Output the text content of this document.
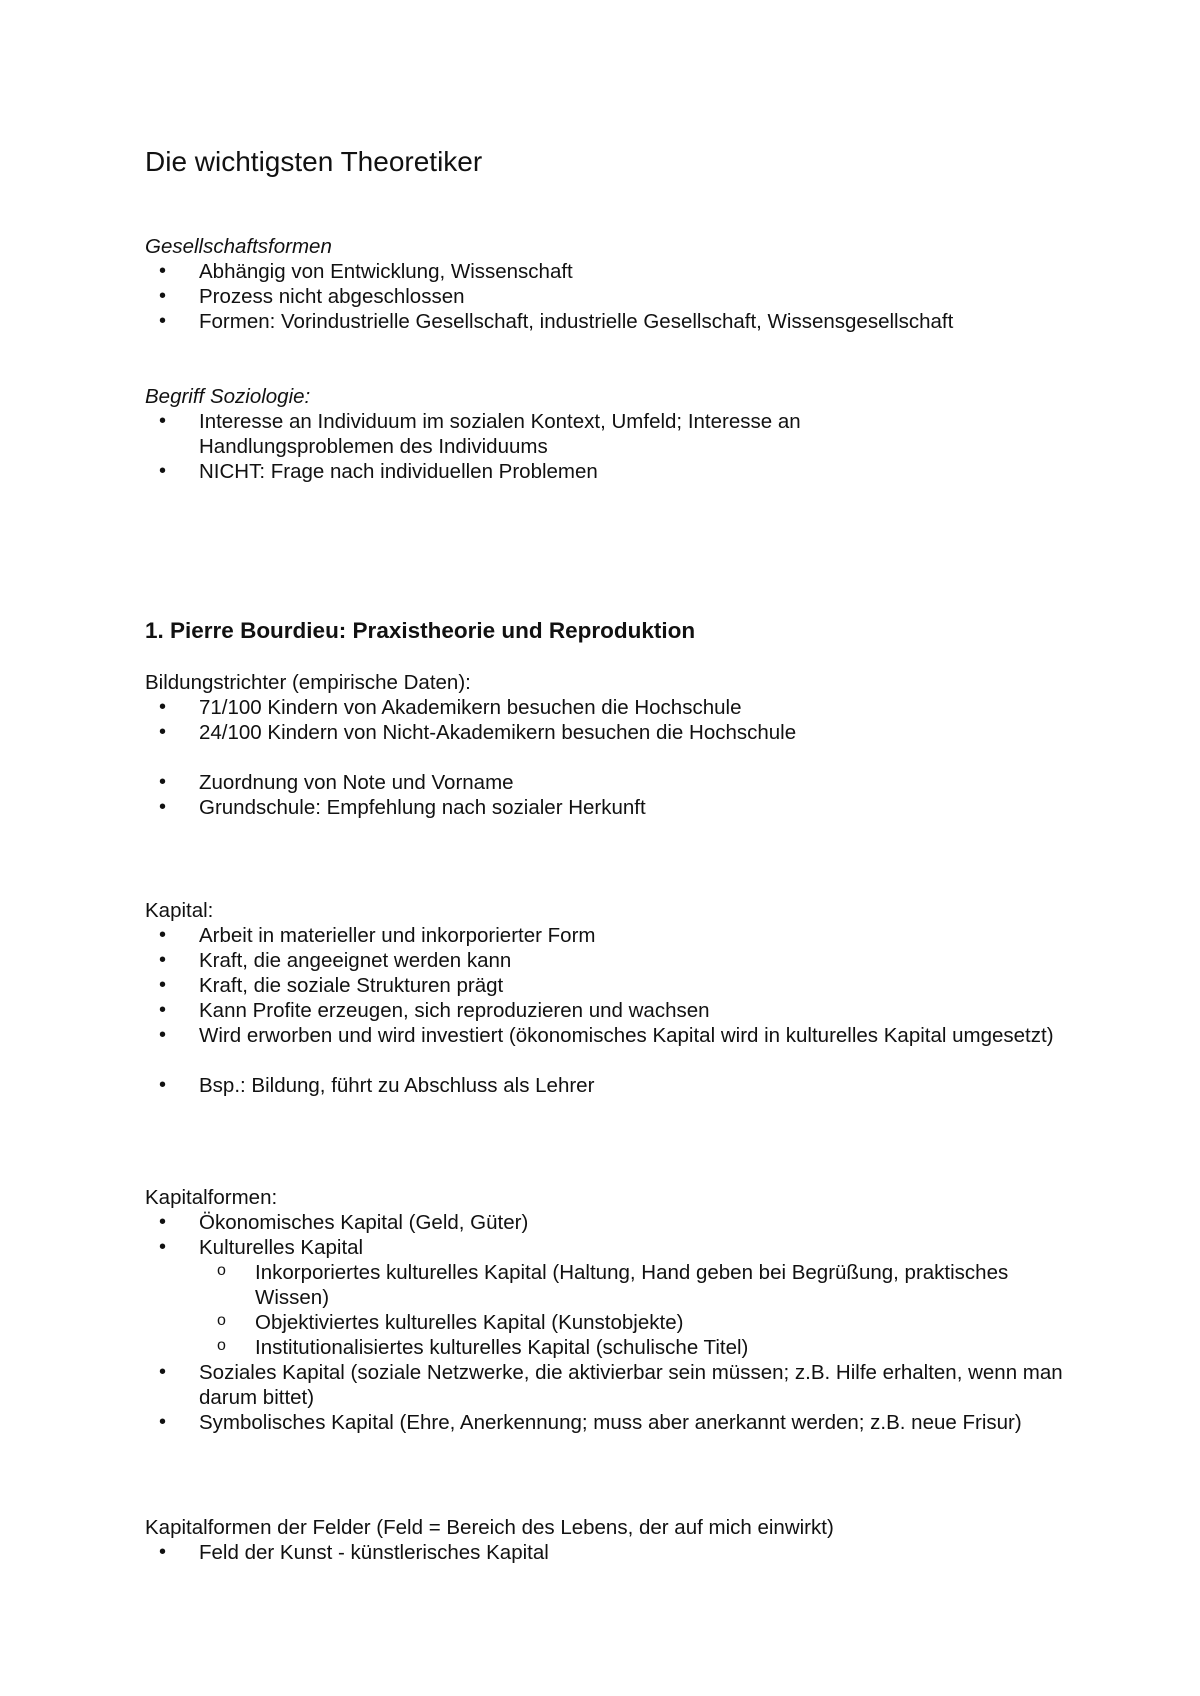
Die wichtigsten Theoretiker
Gesellschaftsformen
• Abhängig von Entwicklung, Wissenschaft
• Prozess nicht abgeschlossen
• Formen: Vorindustrielle Gesellschaft, industrielle Gesellschaft, Wissensgesellschaft
Begriff Soziologie:
• Interesse an Individuum im sozialen Kontext, Umfeld; Interesse an Handlungsproblemen des Individuums
• NICHT: Frage nach individuellen Problemen
1. Pierre Bourdieu: Praxistheorie und Reproduktion
Bildungstrichter (empirische Daten):
• 71/100 Kindern von Akademikern besuchen die Hochschule
• 24/100 Kindern von Nicht-Akademikern besuchen die Hochschule
• Zuordnung von Note und Vorname
• Grundschule: Empfehlung nach sozialer Herkunft
Kapital:
• Arbeit in materieller und inkorporierter Form
• Kraft, die angeeignet werden kann
• Kraft, die soziale Strukturen prägt
• Kann Profite erzeugen, sich reproduzieren und wachsen
• Wird erworben und wird investiert (ökonomisches Kapital wird in kulturelles Kapital umgesetzt)
• Bsp.: Bildung, führt zu Abschluss als Lehrer
Kapitalformen:
• Ökonomisches Kapital (Geld, Güter)
• Kulturelles Kapital
o Inkorporiertes kulturelles Kapital (Haltung, Hand geben bei Begrüßung, praktisches Wissen)
o Objektiviertes kulturelles Kapital (Kunstobjekte)
o Institutionalisiertes kulturelles Kapital (schulische Titel)
• Soziales Kapital (soziale Netzwerke, die aktivierbar sein müssen; z.B. Hilfe erhalten, wenn man darum bittet)
• Symbolisches Kapital (Ehre, Anerkennung; muss aber anerkannt werden; z.B. neue Frisur)
Kapitalformen der Felder (Feld = Bereich des Lebens, der auf mich einwirkt)
• Feld der Kunst - künstlerisches Kapital
